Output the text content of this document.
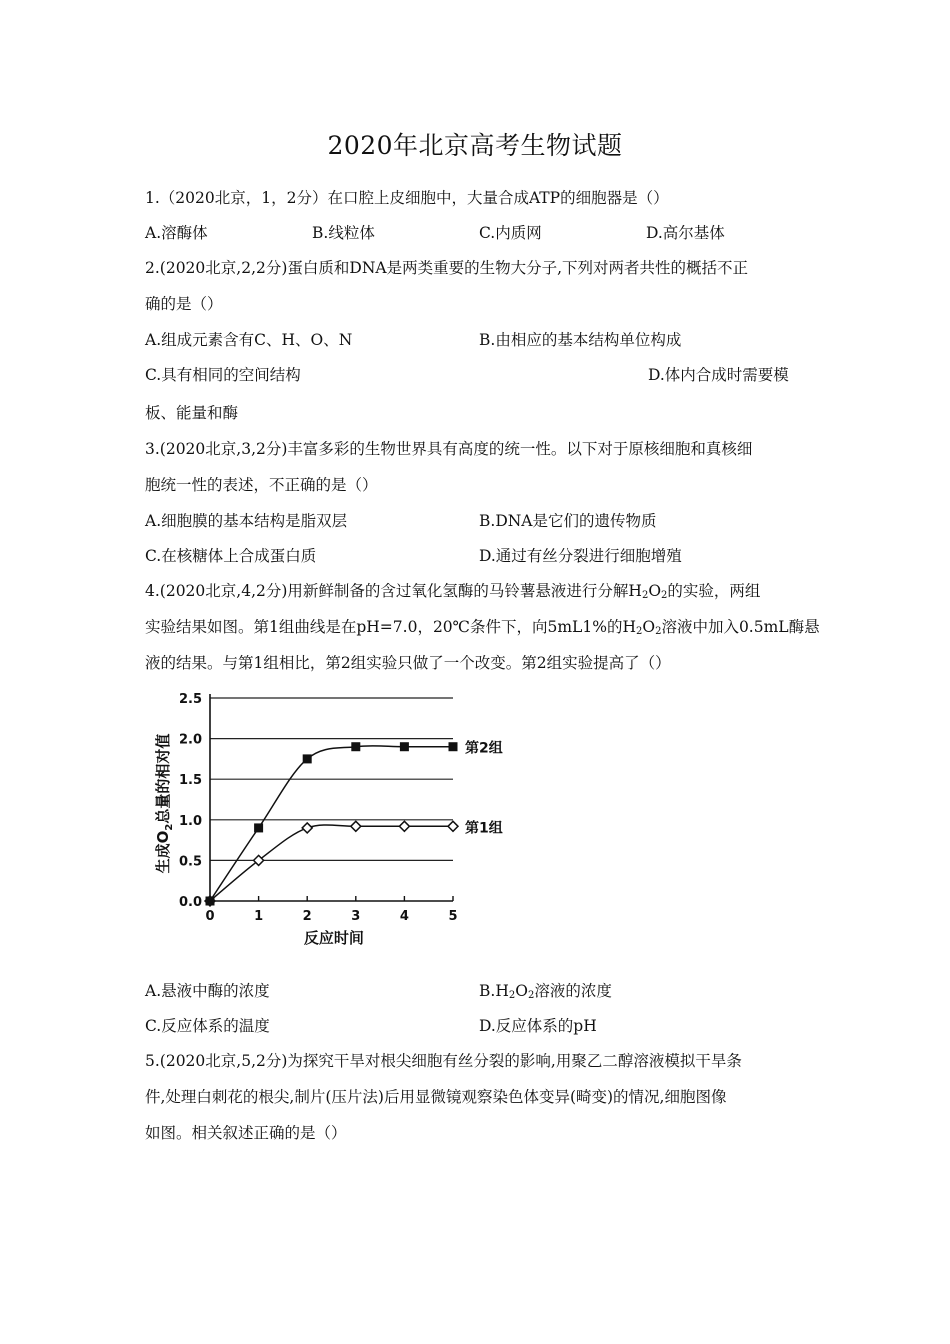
2020年北京高考生物试题
1.（2020北京，1，2分）在口腔上皮细胞中，大量合成ATP的细胞器是（）
A.溶酶体	B.线粒体	C.内质网	D.高尔基体
2.(2020北京,2,2分)蛋白质和DNA是两类重要的生物大分子,下列对两者共性的概括不正
确的是（）
A.组成元素含有C、H、O、N	B.由相应的基本结构单位构成
C.具有相同的空间结构	D.体内合成时需要模
板、能量和酶
3.(2020北京,3,2分)丰富多彩的生物世界具有高度的统一性。以下对于原核细胞和真核细
胞统一性的表述，不正确的是（）
A.细胞膜的基本结构是脂双层	B.DNA是它们的遗传物质
C.在核糖体上合成蛋白质	D.通过有丝分裂进行细胞增殖
4.(2020北京,4,2分)用新鲜制备的含过氧化氢酶的马铃薯悬液进行分解$H_2O_2$的实验，两组
实验结果如图。第1组曲线是在pH=7.0，20℃条件下，向5mL1%的$H_2O_2$溶液中加入0.5mL酶悬
液的结果。与第1组相比，第2组实验只做了一个改变。第2组实验提高了（）
0.0
0.5
1.0
1.5
2.0
2.5
0	1	2	3	4	5
反应时间
生成$O_2$总量的相对值	第2组
第1组
A.悬液中酶的浓度	$B.H_2O_2$溶液的浓度
C.反应体系的温度	D.反应体系的pH
5.(2020北京,5,2分)为探究干旱对根尖细胞有丝分裂的影响,用聚乙二醇溶液模拟干旱条
件,处理白刺花的根尖,制片(压片法)后用显微镜观察染色体变异(畸变)的情况,细胞图像
如图。相关叙述正确的是（）
